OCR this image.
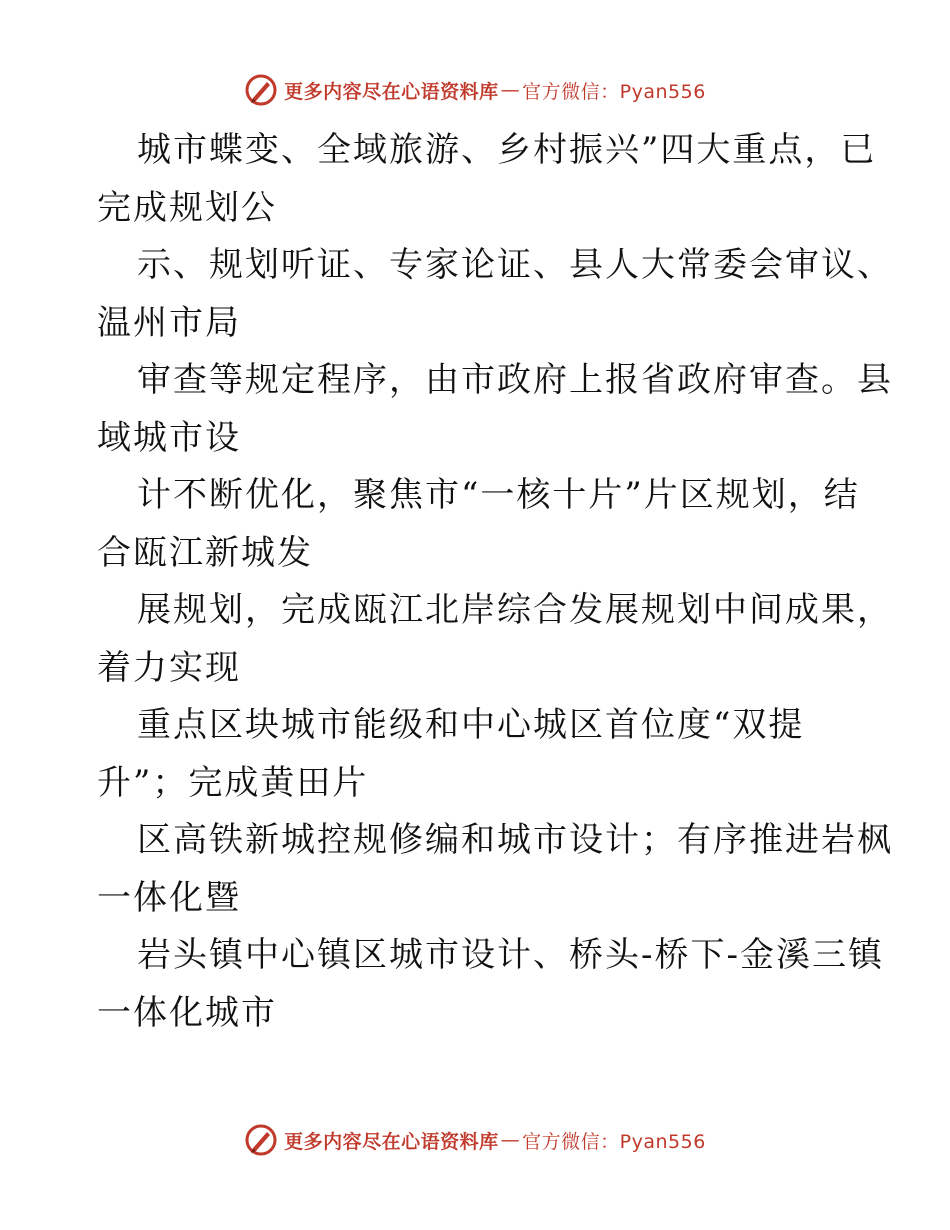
更多内容尽在心语资料库 — 官方微信：Pyan556
城市蝶变、全域旅游、乡村振兴”四大重点，已
完成规划公
示、规划听证、专家论证、县人大常委会审议、
温州市局
审查等规定程序，由市政府上报省政府审查。县
域城市设
计不断优化，聚焦市“一核十片”片区规划，结
合瓯江新城发
展规划，完成瓯江北岸综合发展规划中间成果，
着力实现
重点区块城市能级和中心城区首位度“双提
升”；完成黄田片
区高铁新城控规修编和城市设计；有序推进岩枫
一体化暨
岩头镇中心镇区城市设计、桥头-桥下-金溪三镇
一体化城市
更多内容尽在心语资料库 — 官方微信：Pyan556
